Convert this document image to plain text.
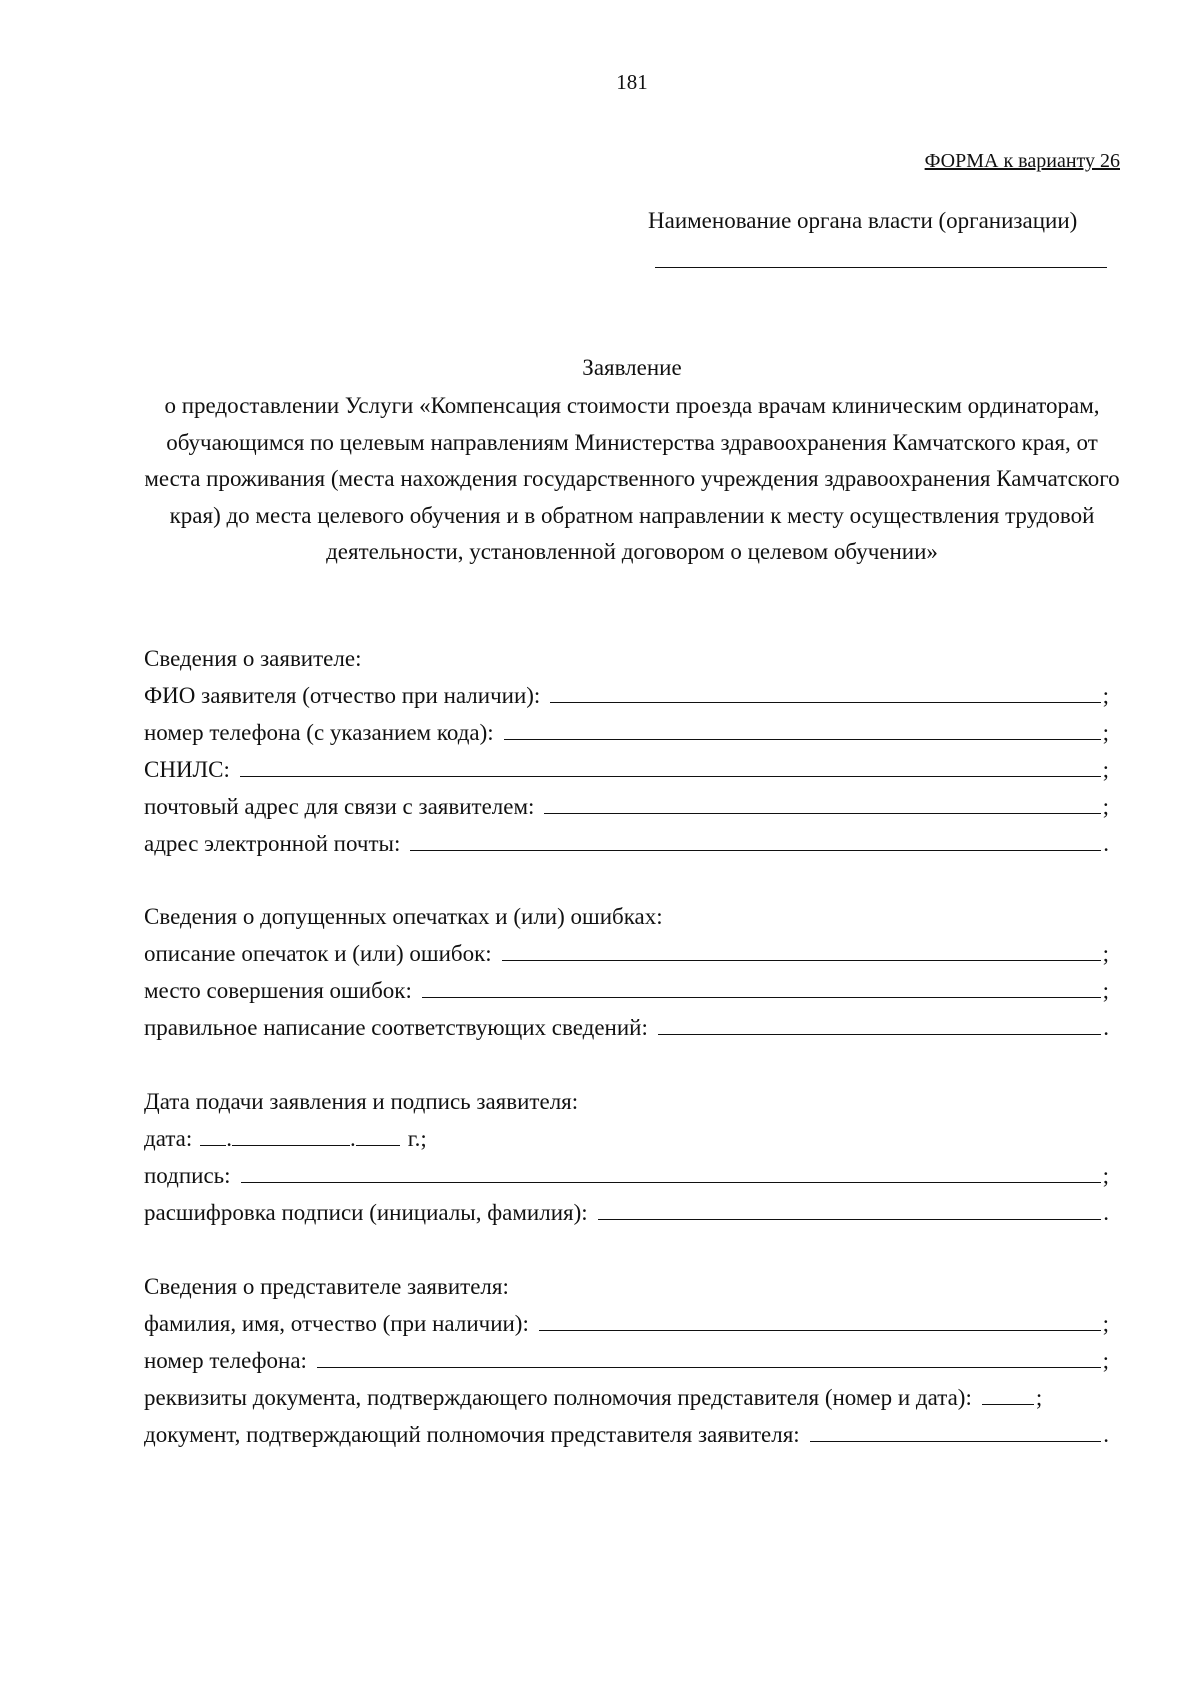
181
ФОРМА к варианту 26
Наименование органа власти (организации)
Заявление
о предоставлении Услуги «Компенсация стоимости проезда врачам клиническим ординаторам, обучающимся по целевым направлениям Министерства здравоохранения Камчатского края, от места проживания (места нахождения государственного учреждения здравоохранения Камчатского края) до места целевого обучения и в обратном направлении к месту осуществления трудовой деятельности, установленной договором о целевом обучении»
Сведения о заявителе:
ФИО заявителя (отчество при наличии):	;
номер телефона (с указанием кода):	;
СНИЛС:	;
почтовый адрес для связи с заявителем:	;
адрес электронной почты:	.
Сведения о допущенных опечатках и (или) ошибках:
описание опечаток и (или) ошибок:	;
место совершения ошибок:	;
правильное написание соответствующих сведений:	.
Дата подачи заявления и подпись заявителя:
дата: .	. г.;
подпись:	;
расшифровка подписи (инициалы, фамилия):	.
Сведения о представителе заявителя:
фамилия, имя, отчество (при наличии):	;
номер телефона:	;
реквизиты документа, подтверждающего полномочия представителя (номер и дата):	;
документ, подтверждающий полномочия представителя заявителя:	.
